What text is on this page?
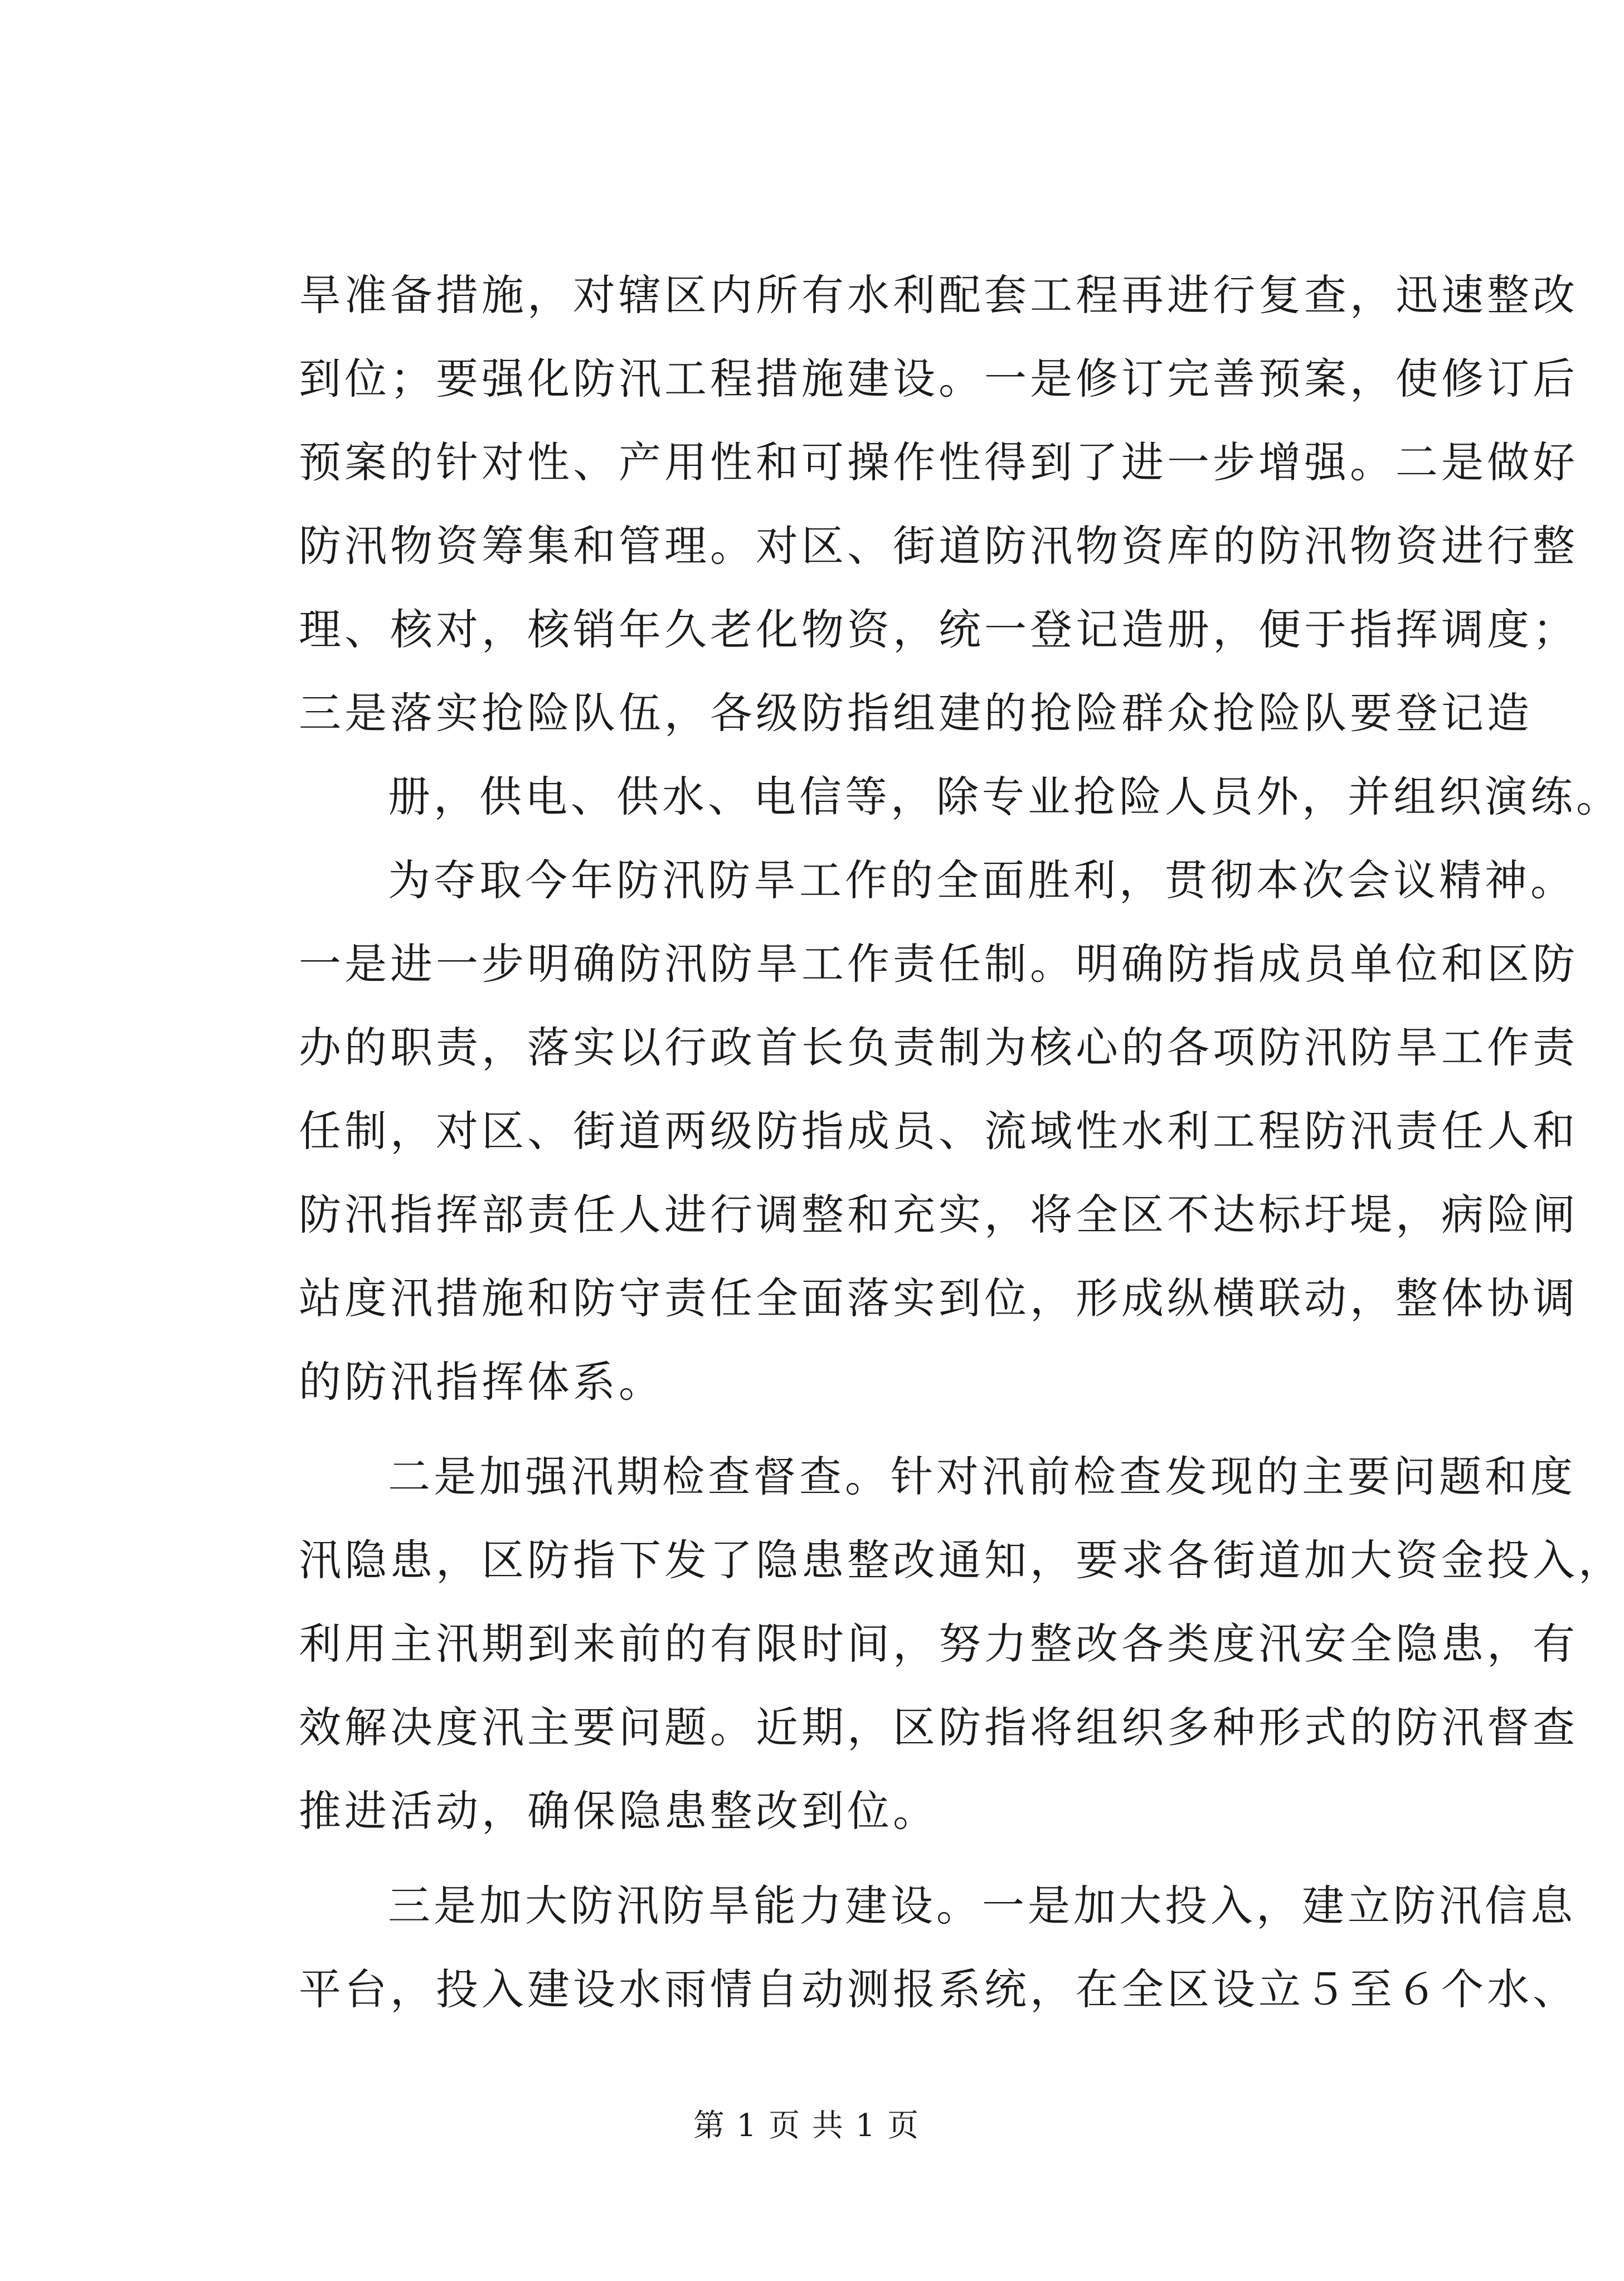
旱准备措施，对辖区内所有水利配套工程再进行复查，迅速整改
到位；要强化防汛工程措施建设。一是修订完善预案，使修订后
预案的针对性、产用性和可操作性得到了进一步增强。二是做好
防汛物资筹集和管理。对区、街道防汛物资库的防汛物资进行整
理、核对，核销年久老化物资，统一登记造册，便于指挥调度；
三是落实抢险队伍，各级防指组建的抢险群众抢险队要登记造
册，供电、供水、电信等，除专业抢险人员外，并组织演练。
为夺取今年防汛防旱工作的全面胜利，贯彻本次会议精神。
一是进一步明确防汛防旱工作责任制。明确防指成员单位和区防
办的职责，落实以行政首长负责制为核心的各项防汛防旱工作责
任制，对区、街道两级防指成员、流域性水利工程防汛责任人和
防汛指挥部责任人进行调整和充实，将全区不达标圩堤，病险闸
站度汛措施和防守责任全面落实到位，形成纵横联动，整体协调
的防汛指挥体系。
二是加强汛期检查督查。针对汛前检查发现的主要问题和度
汛隐患，区防指下发了隐患整改通知，要求各街道加大资金投入，
利用主汛期到来前的有限时间，努力整改各类度汛安全隐患，有
效解决度汛主要问题。近期，区防指将组织多种形式的防汛督查
推进活动，确保隐患整改到位。
三是加大防汛防旱能力建设。一是加大投入，建立防汛信息
平台，投入建设水雨情自动测报系统，在全区设立５至６个水、
第 1 页 共 1 页
